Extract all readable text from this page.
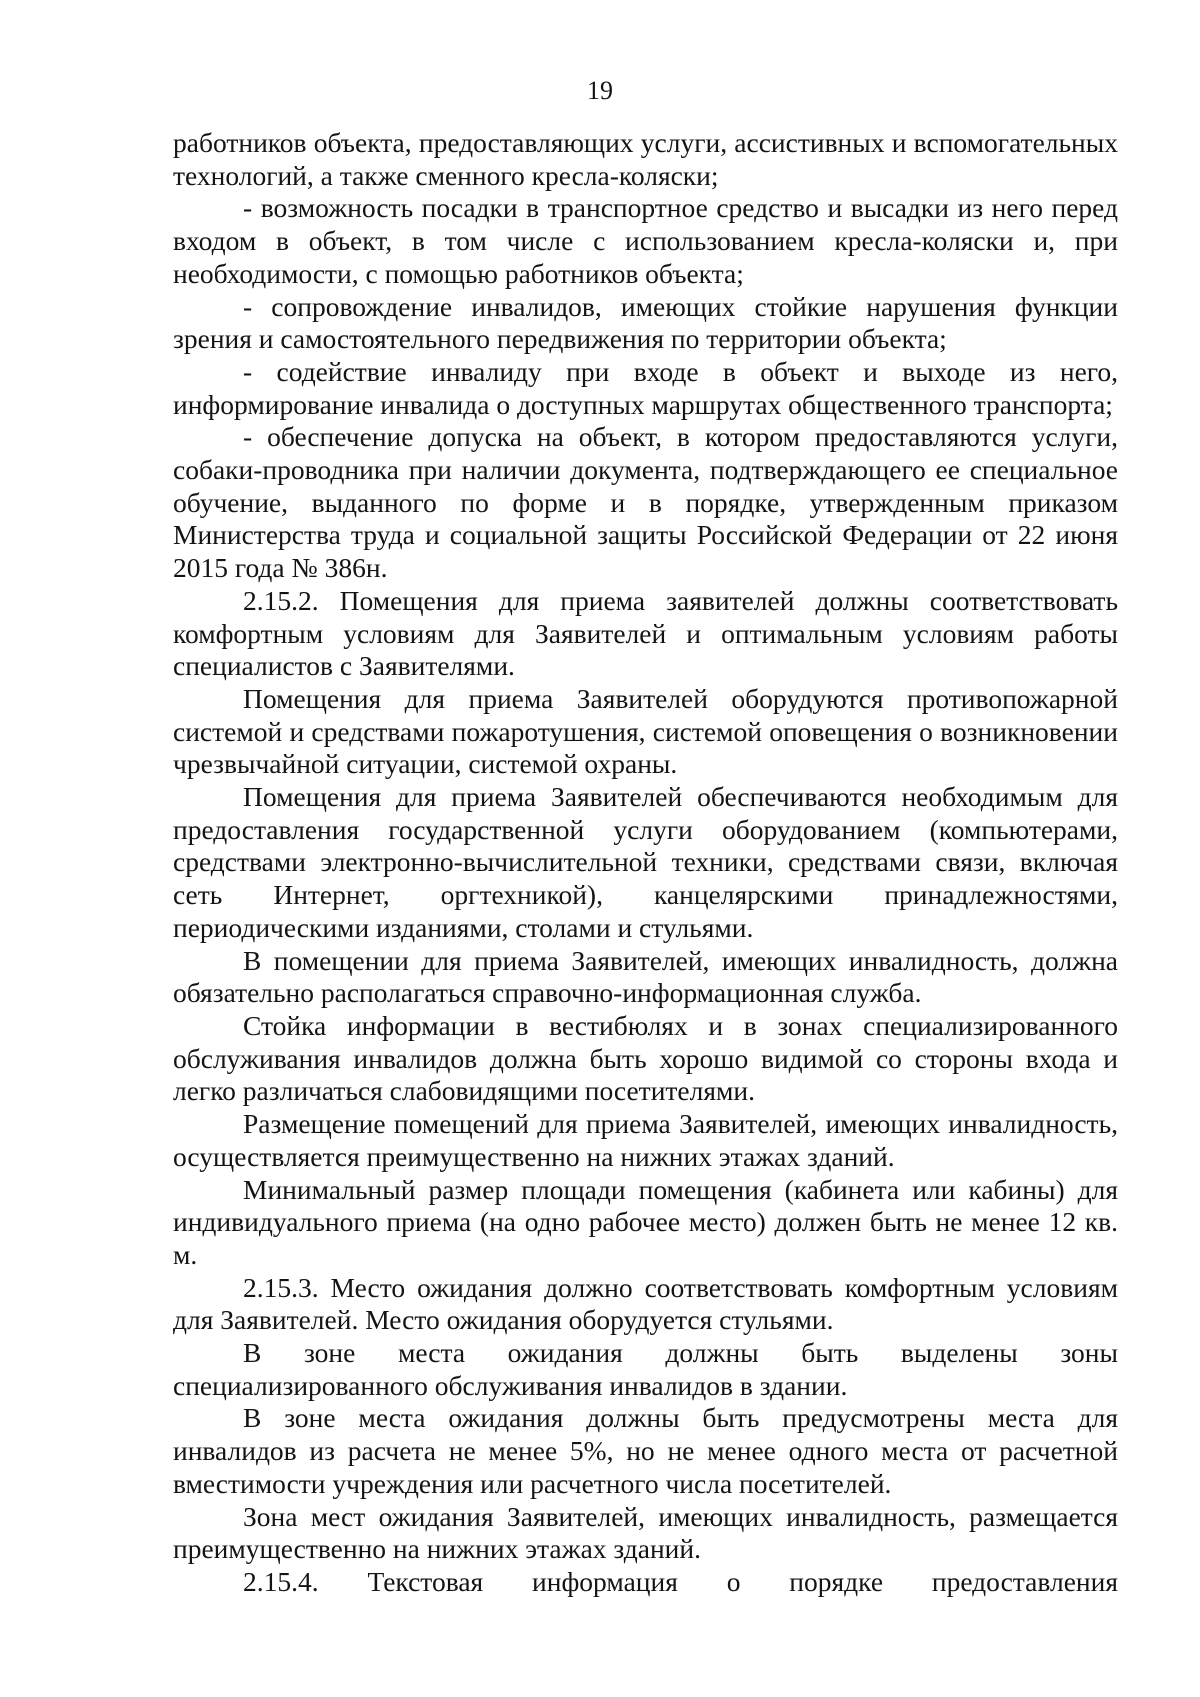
19

работников объекта, предоставляющих услуги, ассистивных и вспомогательных технологий, а также сменного кресла-коляски;

- возможность посадки в транспортное средство и высадки из него перед входом в объект, в том числе с использованием кресла-коляски и, при необходимости, с помощью работников объекта;

- сопровождение инвалидов, имеющих стойкие нарушения функции зрения и самостоятельного передвижения по территории объекта;

- содействие инвалиду при входе в объект и выходе из него, информирование инвалида о доступных маршрутах общественного транспорта;

- обеспечение допуска на объект, в котором предоставляются услуги, собаки-проводника при наличии документа, подтверждающего ее специальное обучение, выданного по форме и в порядке, утвержденным приказом Министерства труда и социальной защиты Российской Федерации от 22 июня 2015 года № 386н.

2.15.2. Помещения для приема заявителей должны соответствовать комфортным условиям для Заявителей и оптимальным условиям работы специалистов с Заявителями.

Помещения для приема Заявителей оборудуются противопожарной системой и средствами пожаротушения, системой оповещения о возникновении чрезвычайной ситуации, системой охраны.

Помещения для приема Заявителей обеспечиваются необходимым для предоставления государственной услуги оборудованием (компьютерами, средствами электронно-вычислительной техники, средствами связи, включая сеть Интернет, оргтехникой), канцелярскими принадлежностями, периодическими изданиями, столами и стульями.

В помещении для приема Заявителей, имеющих инвалидность, должна обязательно располагаться справочно-информационная служба.

Стойка информации в вестибюлях и в зонах специализированного обслуживания инвалидов должна быть хорошо видимой со стороны входа и легко различаться слабовидящими посетителями.

Размещение помещений для приема Заявителей, имеющих инвалидность, осуществляется преимущественно на нижних этажах зданий.

Минимальный размер площади помещения (кабинета или кабины) для индивидуального приема (на одно рабочее место) должен быть не менее 12 кв. м.

2.15.3. Место ожидания должно соответствовать комфортным условиям для Заявителей. Место ожидания оборудуется стульями.

В зоне места ожидания должны быть выделены зоны специализированного обслуживания инвалидов в здании.

В зоне места ожидания должны быть предусмотрены места для инвалидов из расчета не менее 5%, но не менее одного места от расчетной вместимости учреждения или расчетного числа посетителей.

Зона мест ожидания Заявителей, имеющих инвалидность, размещается преимущественно на нижних этажах зданий.

2.15.4. Текстовая информация о порядке предоставления
